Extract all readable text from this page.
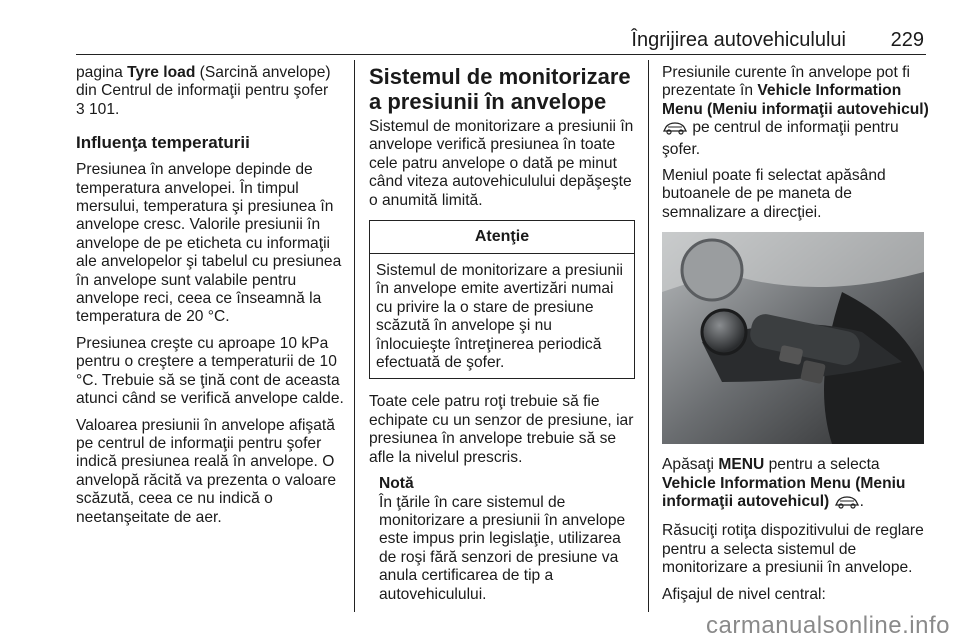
Îngrijirea autovehiculului 229

pagina Tyre load (Sarcină anvelope) din Centrul de informaţii pentru şofer
3 101.

Influenţa temperaturii

Presiunea în anvelope depinde de temperatura anvelopei. În timpul mersului, temperatura şi presiunea în anvelope cresc. Valorile presiunii în anvelope de pe eticheta cu informaţii ale anvelopelor şi tabelul cu presiunea în anvelope sunt valabile pentru anvelope reci, ceea ce înseamnă la temperatura de 20 °C.

Presiunea creşte cu aproape 10 kPa pentru o creştere a temperaturii de 10 °C. Trebuie să se ţină cont de aceasta atunci când se verifică anvelope calde.

Valoarea presiunii în anvelope afişată pe centrul de informaţii pentru şofer indică presiunea reală în anvelope. O anvelopă răcită va prezenta o valoare scăzută, ceea ce nu indică o neetanşeitate de aer.

Sistemul de monitorizare a presiunii în anvelope

Sistemul de monitorizare a presiunii în anvelope verifică presiunea în toate cele patru anvelope o dată pe minut când viteza autovehiculului depăşeşte o anumită limită.

Atenţie
Sistemul de monitorizare a presiunii în anvelope emite avertizări numai cu privire la o stare de presiune scăzută în anvelope şi nu înlocuieşte întreţinerea periodică efectuată de şofer.

Toate cele patru roţi trebuie să fie echipate cu un senzor de presiune, iar presiunea în anvelope trebuie să se afle la nivelul prescris.

Notă
În ţările în care sistemul de monitorizare a presiunii în anvelope este impus prin legislaţie, utilizarea de roşi fără senzori de presiune va anula certificarea de tip a autovehiculului.

Presiunile curente în anvelope pot fi prezentate în Vehicle Information Menu (Meniu informaţii autovehicul)  pe centrul de informaţii pentru şofer.

Meniul poate fi selectat apăsând butoanele de pe maneta de semnalizare a direcţiei.

Apăsaţi MENU pentru a selecta Vehicle Information Menu (Meniu informaţii autovehicul) .

Răsuciţi rotiţa dispozitivului de reglare pentru a selecta sistemul de monitorizare a presiunii în anvelope.

Afişajul de nivel central:

carmanualsonline.info
